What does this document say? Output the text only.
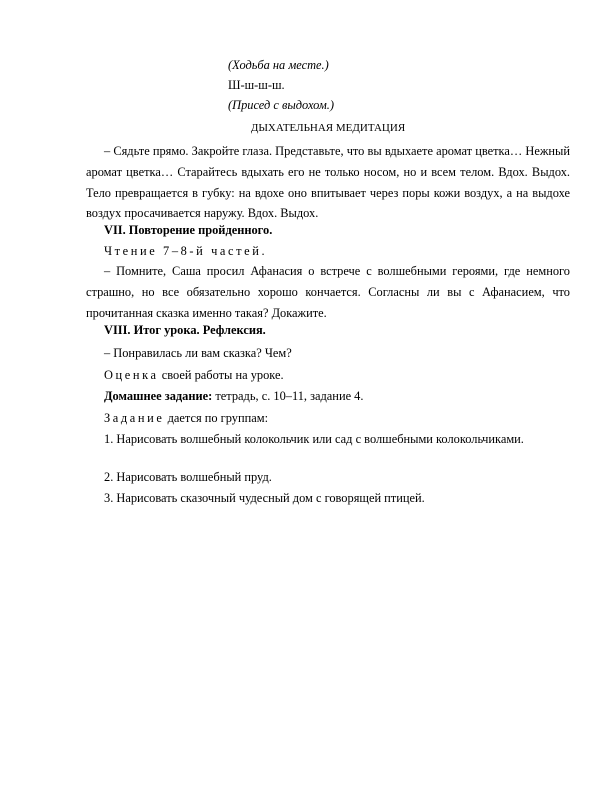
(Ходьба на месте.)
Ш-ш-ш-ш.
(Присед с выдохом.)
ДЫХАТЕЛЬНАЯ МЕДИТАЦИЯ
– Сядьте прямо. Закройте глаза. Представьте, что вы вдыхаете аромат цветка… Нежный аромат цветка… Старайтесь вдыхать его не только носом, но и всем телом. Вдох. Выдох. Тело превращается в губку: на вдохе оно впитывает через поры кожи воздух, а на выдохе воздух просачивается наружу. Вдох. Выдох.
VII. Повторение пройденного.
Чтение 7–8-й частей.
– Помните, Саша просил Афанасия о встрече с волшебными героями, где немного страшно, но все обязательно хорошо кончается. Согласны ли вы с Афанасием, что прочитанная сказка именно такая? Докажите.
VIII. Итог урока. Рефлексия.
– Понравилась ли вам сказка? Чем?
Оценка своей работы на уроке.
Домашнее задание: тетрадь, с. 10–11, задание 4.
Задание дается по группам:
1. Нарисовать волшебный колокольчик или сад с волшебными колокольчиками.
2. Нарисовать волшебный пруд.
3. Нарисовать сказочный чудесный дом с говорящей птицей.
